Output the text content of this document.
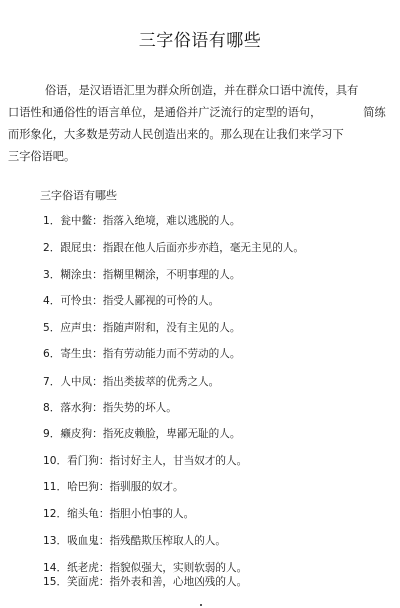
三字俗语有哪些
俗语，是汉语语汇里为群众所创造，并在群众口语中流传，具有
口语性和通俗性的语言单位，是通俗并广泛流行的定型的语句，	简练
而形象化，大多数是劳动人民创造出来的。那么现在让我们来学习下
三字俗语吧。
三字俗语有哪些
1．瓮中鳖：指落入绝境，难以逃脱的人。
2．跟屁虫：指跟在他人后面亦步亦趋，毫无主见的人。
3．糊涂虫：指糊里糊涂，不明事理的人。
4．可怜虫：指受人鄙视的可怜的人。
5．应声虫：指随声附和，没有主见的人。
6．寄生虫：指有劳动能力而不劳动的人。
7．人中凤：指出类拔萃的优秀之人。
8．落水狗：指失势的坏人。
9．癞皮狗：指死皮赖脸，卑鄙无耻的人。
10．看门狗：指讨好主人，甘当奴才的人。
11．哈巴狗：指驯服的奴才。
12．缩头龟：指胆小怕事的人。
13．吸血鬼：指残酷欺压榨取人的人。
14．纸老虎：指貌似强大，实则软弱的人。
15．笑面虎：指外表和善，心地凶残的人。
